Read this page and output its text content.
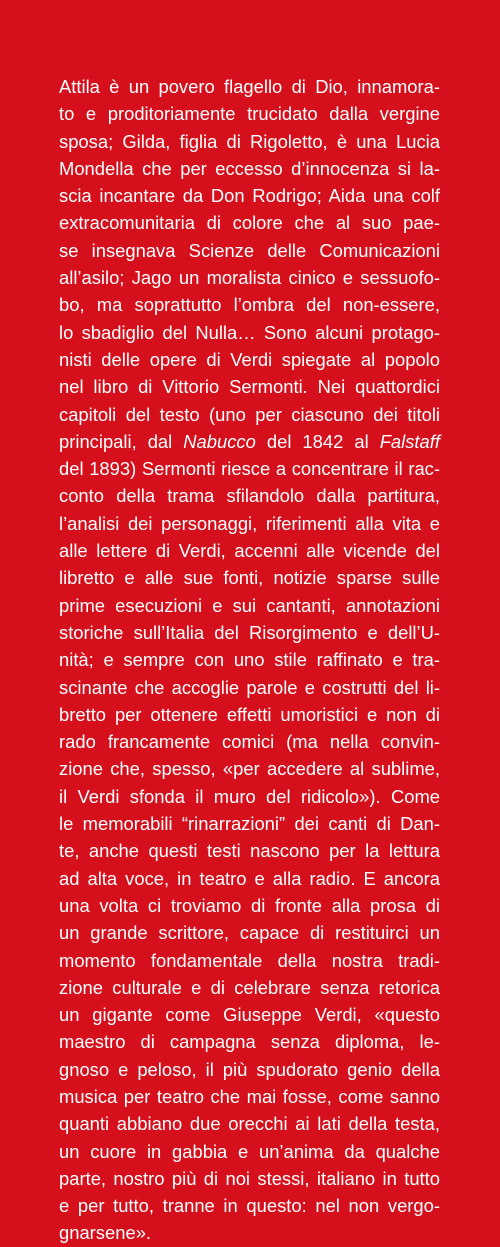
Attila è un povero flagello di Dio, innamora-
to e proditoriamente trucidato dalla vergine
sposa; Gilda, figlia di Rigoletto, è una Lucia
Mondella che per eccesso d’innocenza si la-
scia incantare da Don Rodrigo; Aida una colf
extracomunitaria di colore che al suo pae-
se insegnava Scienze delle Comunicazioni
all’asilo; Jago un moralista cinico e sessuofo-
bo, ma soprattutto l’ombra del non-essere,
lo sbadiglio del Nulla… Sono alcuni protago-
nisti delle opere di Verdi spiegate al popolo
nel libro di Vittorio Sermonti. Nei quattordici
capitoli del testo (uno per ciascuno dei titoli
principali, dal Nabucco del 1842 al Falstaff
del 1893) Sermonti riesce a concentrare il rac-
conto della trama sfilandolo dalla partitura,
l’analisi dei personaggi, riferimenti alla vita e
alle lettere di Verdi, accenni alle vicende del
libretto e alle sue fonti, notizie sparse sulle
prime esecuzioni e sui cantanti, annotazioni
storiche sull’Italia del Risorgimento e dell’U-
nità; e sempre con uno stile raffinato e tra-
scinante che accoglie parole e costrutti del li-
bretto per ottenere effetti umoristici e non di
rado francamente comici (ma nella convin-
zione che, spesso, «per accedere al sublime,
il Verdi sfonda il muro del ridicolo»). Come
le memorabili “rinarrazioni” dei canti di Dan-
te, anche questi testi nascono per la lettura
ad alta voce, in teatro e alla radio. E ancora
una volta ci troviamo di fronte alla prosa di
un grande scrittore, capace di restituirci un
momento fondamentale della nostra tradi-
zione culturale e di celebrare senza retorica
un gigante come Giuseppe Verdi, «questo
maestro di campagna senza diploma, le-
gnoso e peloso, il più spudorato genio della
musica per teatro che mai fosse, come sanno
quanti abbiano due orecchi ai lati della testa,
un cuore in gabbia e un’anima da qualche
parte, nostro più di noi stessi, italiano in tutto
e per tutto, tranne in questo: nel non vergo-
gnarsene».
